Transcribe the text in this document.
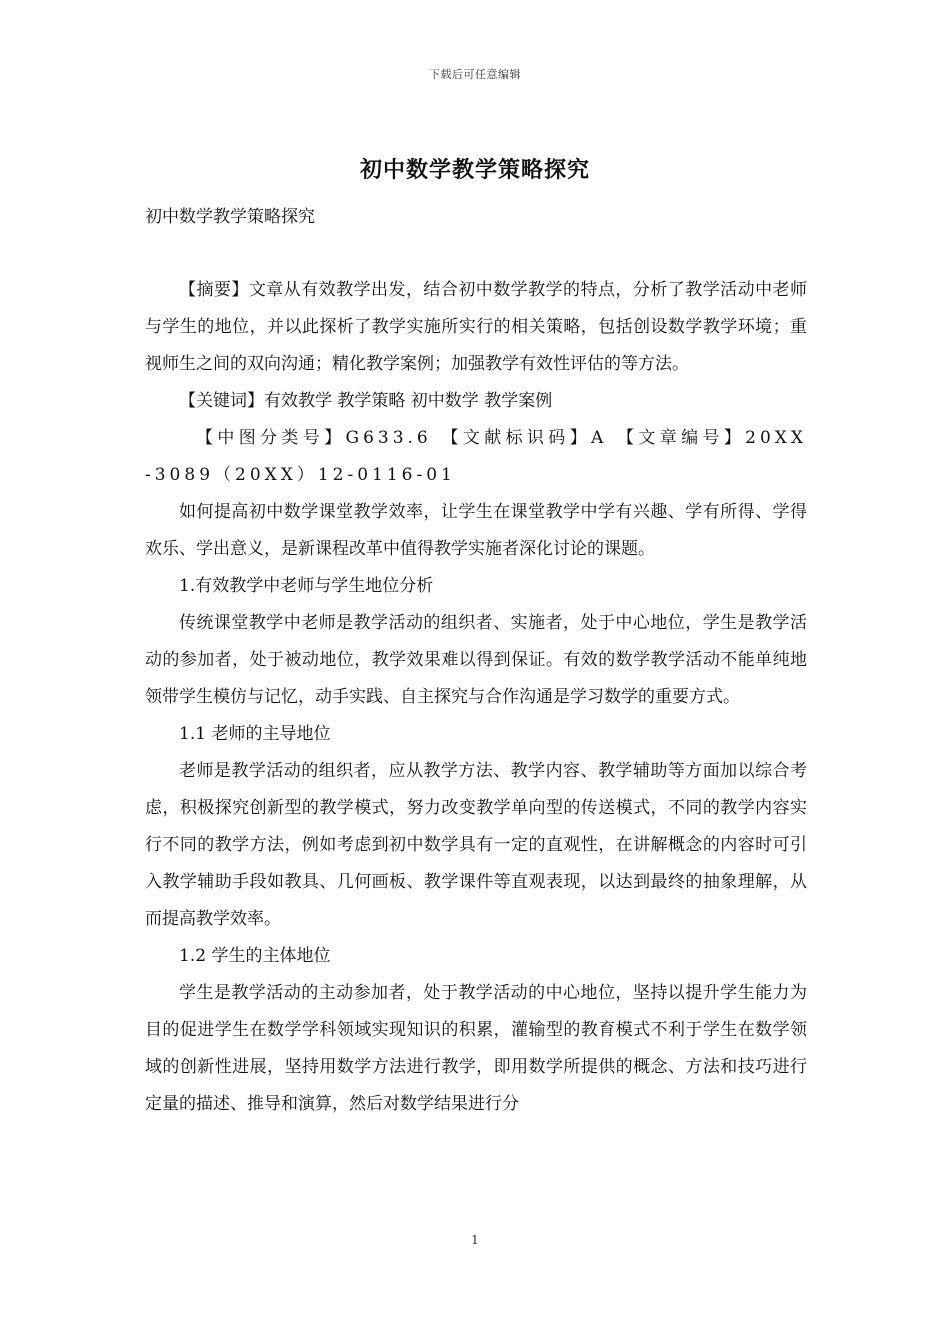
下载后可任意编辑
初中数学教学策略探究
初中数学教学策略探究

【摘要】文章从有效教学出发，结合初中数学教学的特点，分析了教学活动中老师与学生的地位，并以此探析了教学实施所实行的相关策略，包括创设数学教学环境；重视师生之间的双向沟通；精化教学案例；加强教学有效性评估的等方法。

【关键词】有效教学 教学策略 初中数学 教学案例

【中图分类号】G633.6 【文献标识码】A 【文章编号】20XX-3089（20XX）12-0116-01

如何提高初中数学课堂教学效率，让学生在课堂教学中学有兴趣、学有所得、学得欢乐、学出意义，是新课程改革中值得教学实施者深化讨论的课题。

1.有效教学中老师与学生地位分析

传统课堂教学中老师是教学活动的组织者、实施者，处于中心地位，学生是教学活动的参加者，处于被动地位，教学效果难以得到保证。有效的数学教学活动不能单纯地领带学生模仿与记忆，动手实践、自主探究与合作沟通是学习数学的重要方式。

1.1 老师的主导地位

老师是教学活动的组织者，应从教学方法、教学内容、教学辅助等方面加以综合考虑，积极探究创新型的教学模式，努力改变教学单向型的传送模式，不同的教学内容实行不同的教学方法，例如考虑到初中数学具有一定的直观性，在讲解概念的内容时可引入教学辅助手段如教具、几何画板、教学课件等直观表现，以达到最终的抽象理解，从而提高教学效率。

1.2 学生的主体地位

学生是教学活动的主动参加者，处于教学活动的中心地位，坚持以提升学生能力为目的促进学生在数学学科领域实现知识的积累，灌输型的教育模式不利于学生在数学领域的创新性进展，坚持用数学方法进行教学，即用数学所提供的概念、方法和技巧进行定量的描述、推导和演算，然后对数学结果进行分

1
